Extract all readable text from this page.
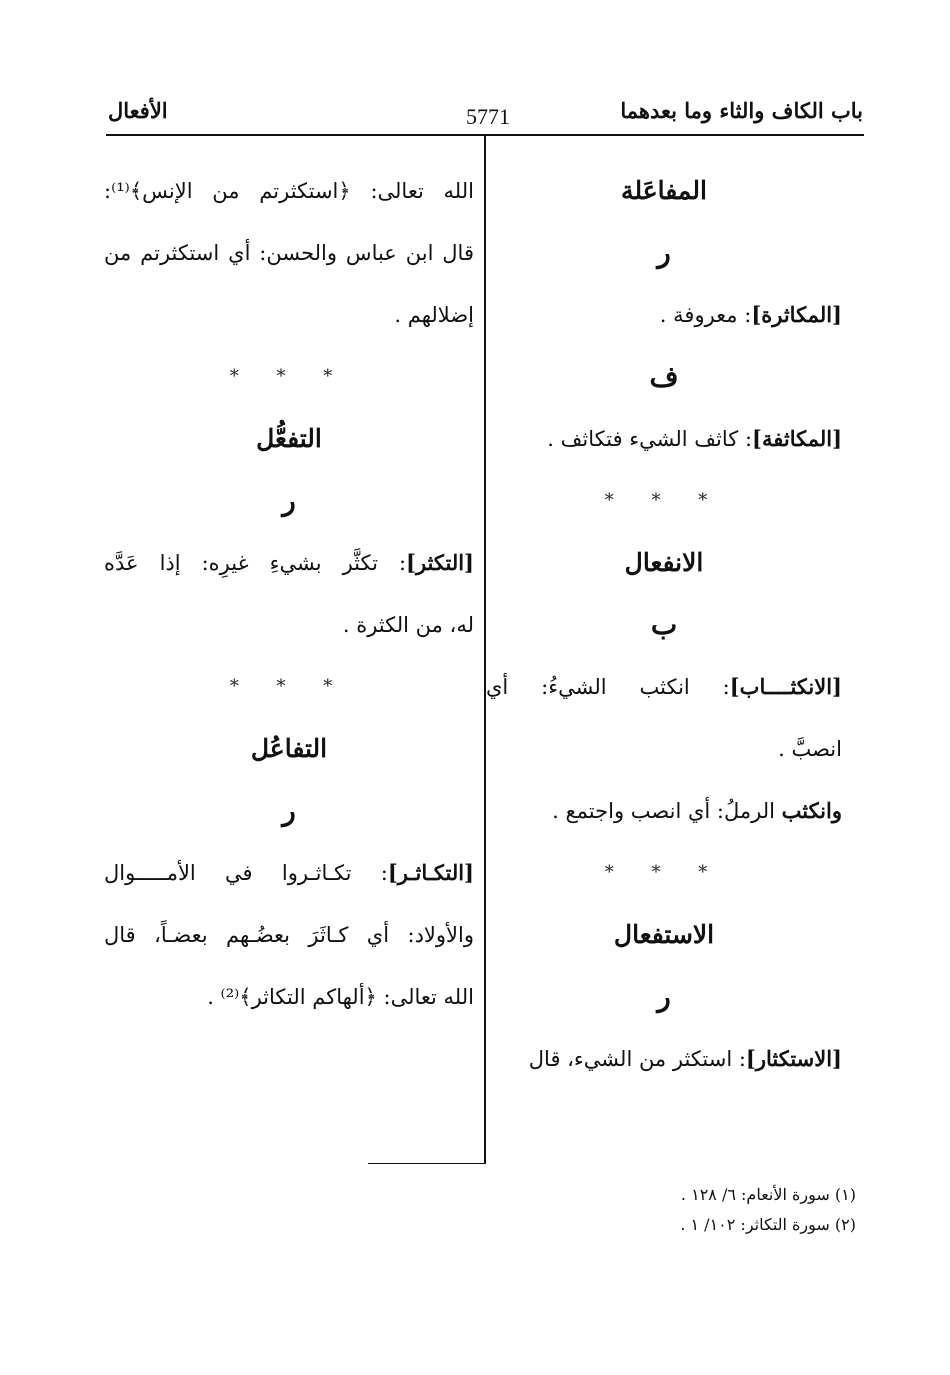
باب الكاف والثاء وما بعدهما
5771
الأفعال
المفاعَلة
ر
[المكاثرة]: معروفة .
ف
[المكاثفة]: كاثف الشيء فتكاثف .
* * *
الانفعال
ب
[الانكثــــاب]: انكثب الشيءُ: أي
انصبَّ .
وانكثب الرملُ: أي انصب واجتمع .
* * *
الاستفعال
ر
[الاستكثار]: استكثر من الشيء، قال
الله تعالى: ﴿استكثرتم من الإنس﴾⁽¹⁾:
قال ابن عباس والحسن: أي استكثرتم من
إضلالهم .
* * *
التفعُّل
ر
[التكثر]: تكثَّر بشيءِ غيرِه: إذا عَدَّه
له، من الكثرة .
* * *
التفاعُل
ر
[التكـاثـر]: تكـاثـروا في الأمـــــوال
والأولاد: أي كـاثَرَ بعضُـهم بعضـاً، قال
الله تعالى: ﴿ألهاكم التكاثر﴾⁽²⁾ .
(١) سورة الأنعام: ٦/ ١٢٨ .
(٢) سورة التكاثر: ١٠٢/ ١ .
